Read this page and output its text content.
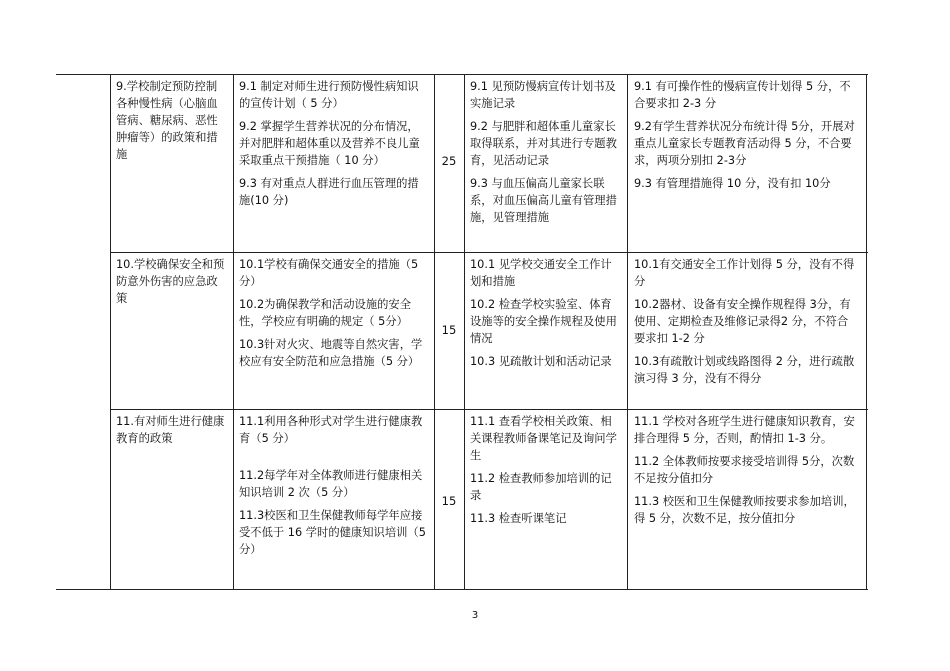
9.学校制定预防控制各种慢性病（心脑血管病、糖尿病、恶性肿瘤等）的政策和措施

9.1 制定对师生进行预防慢性病知识的宣传计划（ 5 分）

9.2 掌握学生营养状况的分布情况，并对肥胖和超体重以及营养不良儿童采取重点干预措施（ 10 分）

9.3 有对重点人群进行血压管理的措施(10 分)

25

9.1 见预防慢病宣传计划书及实施记录

9.2 与肥胖和超体重儿童家长取得联系，并对其进行专题教育，见活动记录

9.3 与血压偏高儿童家长联系，对血压偏高儿童有管理措施，见管理措施

9.1 有可操作性的慢病宣传计划得 5 分，不合要求扣 2-3 分

9.2有学生营养状况分布统计得 5分，开展对重点儿童家长专题教育活动得 5 分，不合要求，两项分别扣 2-3分

9.3 有管理措施得 10 分，没有扣 10分

10.学校确保安全和预防意外伤害的应急政策

10.1学校有确保交通安全的措施（5 分）

10.2为确保教学和活动设施的安全性，学校应有明确的规定（ 5分）

10.3针对火灾、地震等自然灾害，学校应有安全防范和应急措施（5 分）

15

10.1 见学校交通安全工作计划和措施

10.2 检查学校实验室、体育设施等的安全操作规程及使用情况

10.3 见疏散计划和活动记录

10.1有交通安全工作计划得 5 分，没有不得分

10.2器材、设备有安全操作规程得 3分，有使用、定期检查及维修记录得2 分，不符合要求扣 1-2 分

10.3有疏散计划或线路图得 2 分，进行疏散演习得 3 分，没有不得分

11.有对师生进行健康教育的政策

11.1利用各种形式对学生进行健康教育（5 分）

11.2每学年对全体教师进行健康相关知识培训 2 次（5 分）

11.3校医和卫生保健教师每学年应接受不低于 16 学时的健康知识培训（5 分）

15

11.1 查看学校相关政策、相关课程教师备课笔记及询问学生

11.2 检查教师参加培训的记录

11.3 检查听课笔记

11.1 学校对各班学生进行健康知识教育，安排合理得 5 分，否则，酌情扣 1-3 分。

11.2 全体教师按要求接受培训得 5分，次数不足按分值扣分

11.3 校医和卫生保健教师按要求参加培训，得 5 分，次数不足，按分值扣分

3
